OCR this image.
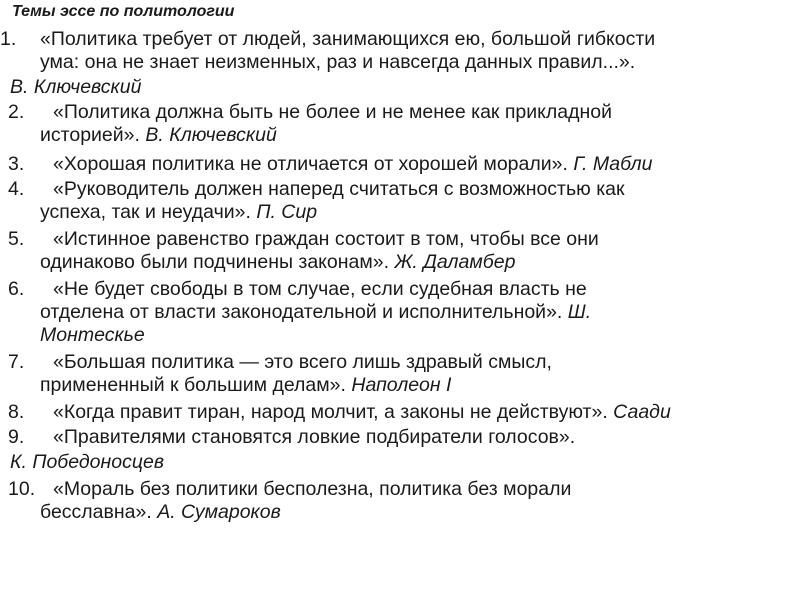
Темы эссе по политологии
1. «Политика требует от людей, занимающихся ею, большой гибкости
ума: она не знает неизменных, раз и навсегда данных правил...».
В. Ключевский
2. «Политика должна быть не более и не менее как прикладной
историей». В. Ключевский
3. «Хорошая политика не отличается от хорошей морали». Г. Мабли
4. «Руководитель должен наперед считаться с возможностью как
успеха, так и неудачи». П. Сир
5. «Истинное равенство граждан состоит в том, чтобы все они
одинаково были подчинены законам». Ж. Даламбер
6. «Не будет свободы в том случае, если судебная власть не
отделена от власти законодательной и исполнительной». Ш.
Монтескье
7. «Большая политика — это всего лишь здравый смысл,
примененный к большим делам». Наполеон I
8. «Когда правит тиран, народ молчит, а законы не действуют». Саади
9. «Правителями становятся ловкие подбиратели голосов».
К. Победоносцев
10. «Мораль без политики бесполезна, политика без морали
бесславна». А. Сумароков
